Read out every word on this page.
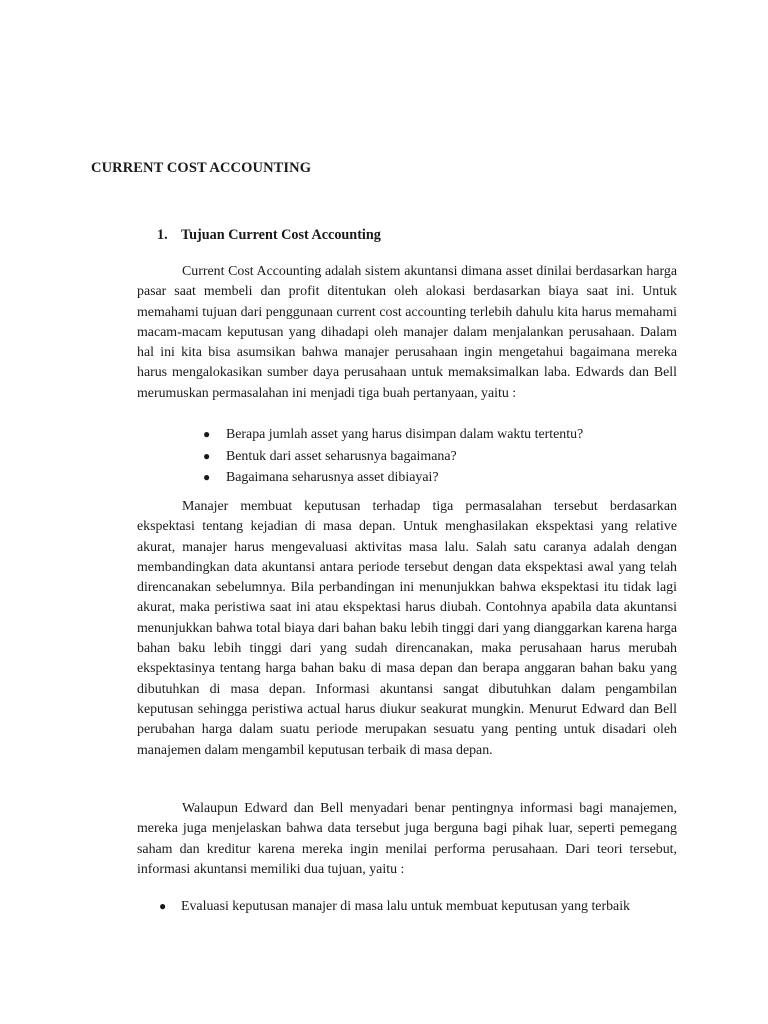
CURRENT COST ACCOUNTING
1. Tujuan Current Cost Accounting

Current Cost Accounting adalah sistem akuntansi dimana asset dinilai berdasarkan harga pasar saat membeli dan profit ditentukan oleh alokasi berdasarkan biaya saat ini. Untuk memahami tujuan dari penggunaan current cost accounting terlebih dahulu kita harus memahami macam-macam keputusan yang dihadapi oleh manajer dalam menjalankan perusahaan. Dalam hal ini kita bisa asumsikan bahwa manajer perusahaan ingin mengetahui bagaimana mereka harus mengalokasikan sumber daya perusahaan untuk memaksimalkan laba. Edwards dan Bell merumuskan permasalahan ini menjadi tiga buah pertanyaan, yaitu :

●	Berapa jumlah asset yang harus disimpan dalam waktu tertentu?
●	Bentuk dari asset seharusnya bagaimana?
●	Bagaimana seharusnya asset dibiayai?

Manajer membuat keputusan terhadap tiga permasalahan tersebut berdasarkan ekspektasi tentang kejadian di masa depan. Untuk menghasilakan ekspektasi yang relative akurat, manajer harus mengevaluasi aktivitas masa lalu. Salah satu caranya adalah dengan membandingkan data akuntansi antara periode tersebut dengan data ekspektasi awal yang telah direncanakan sebelumnya. Bila perbandingan ini menunjukkan bahwa ekspektasi itu tidak lagi akurat, maka peristiwa saat ini atau ekspektasi harus diubah. Contohnya apabila data akuntansi menunjukkan bahwa total biaya dari bahan baku lebih tinggi dari yang dianggarkan karena harga bahan baku lebih tinggi dari yang sudah direncanakan, maka perusahaan harus merubah ekspektasinya tentang harga bahan baku di masa depan dan berapa anggaran bahan baku yang dibutuhkan di masa depan. Informasi akuntansi sangat dibutuhkan dalam pengambilan keputusan sehingga peristiwa actual harus diukur seakurat mungkin. Menurut Edward dan Bell perubahan harga dalam suatu periode merupakan sesuatu yang penting untuk disadari oleh manajemen dalam mengambil keputusan terbaik di masa depan.

Walaupun Edward dan Bell menyadari benar pentingnya informasi bagi manajemen, mereka juga menjelaskan bahwa data tersebut juga berguna bagi pihak luar, seperti pemegang saham dan kreditur karena mereka ingin menilai performa perusahaan. Dari teori tersebut, informasi akuntansi memiliki dua tujuan, yaitu :

●	Evaluasi keputusan manajer di masa lalu untuk membuat keputusan yang terbaik
